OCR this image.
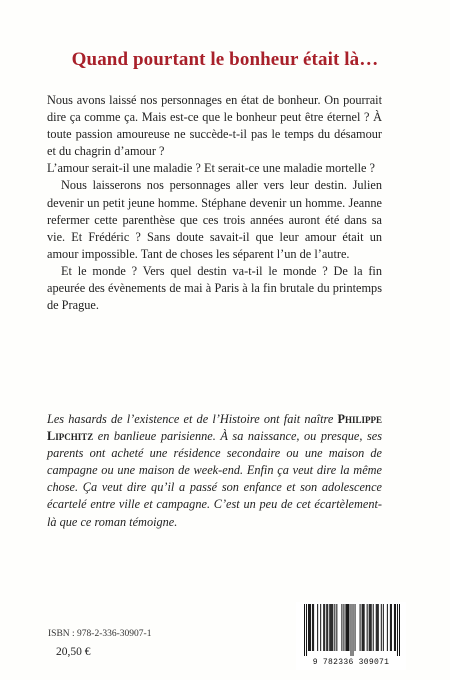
Quand pourtant le bonheur était là…

Nous avons laissé nos personnages en état de bonheur. On pourrait dire ça comme ça. Mais est-ce que le bonheur peut être éternel ? À toute passion amoureuse ne succède-t-il pas le temps du désamour et du chagrin d’amour ?

L’amour serait-il une maladie ? Et serait-ce une maladie mortelle ?

Nous laisserons nos personnages aller vers leur destin. Julien devenir un petit jeune homme. Stéphane devenir un homme. Jeanne refermer cette parenthèse que ces trois années auront été dans sa vie. Et Frédéric ? Sans doute savait-il que leur amour était un amour impossible. Tant de choses les séparent l’un de l’autre.

Et le monde ? Vers quel destin va-t-il le monde ? De la fin apeurée des évènements de mai à Paris à la fin brutale du printemps de Prague.

Les hasards de l’existence et de l’Histoire ont fait naître Philippe Lipchitz en banlieue parisienne. À sa naissance, ou presque, ses parents ont acheté une résidence secondaire ou une maison de campagne ou une maison de week-end. Enfin ça veut dire la même chose. Ça veut dire qu’il a passé son enfance et son adolescence écartelé entre ville et campagne. C’est un peu de cet écartèlement-là que ce roman témoigne.

ISBN : 978-2-336-30907-1
20,50 €
9 782336 309071
